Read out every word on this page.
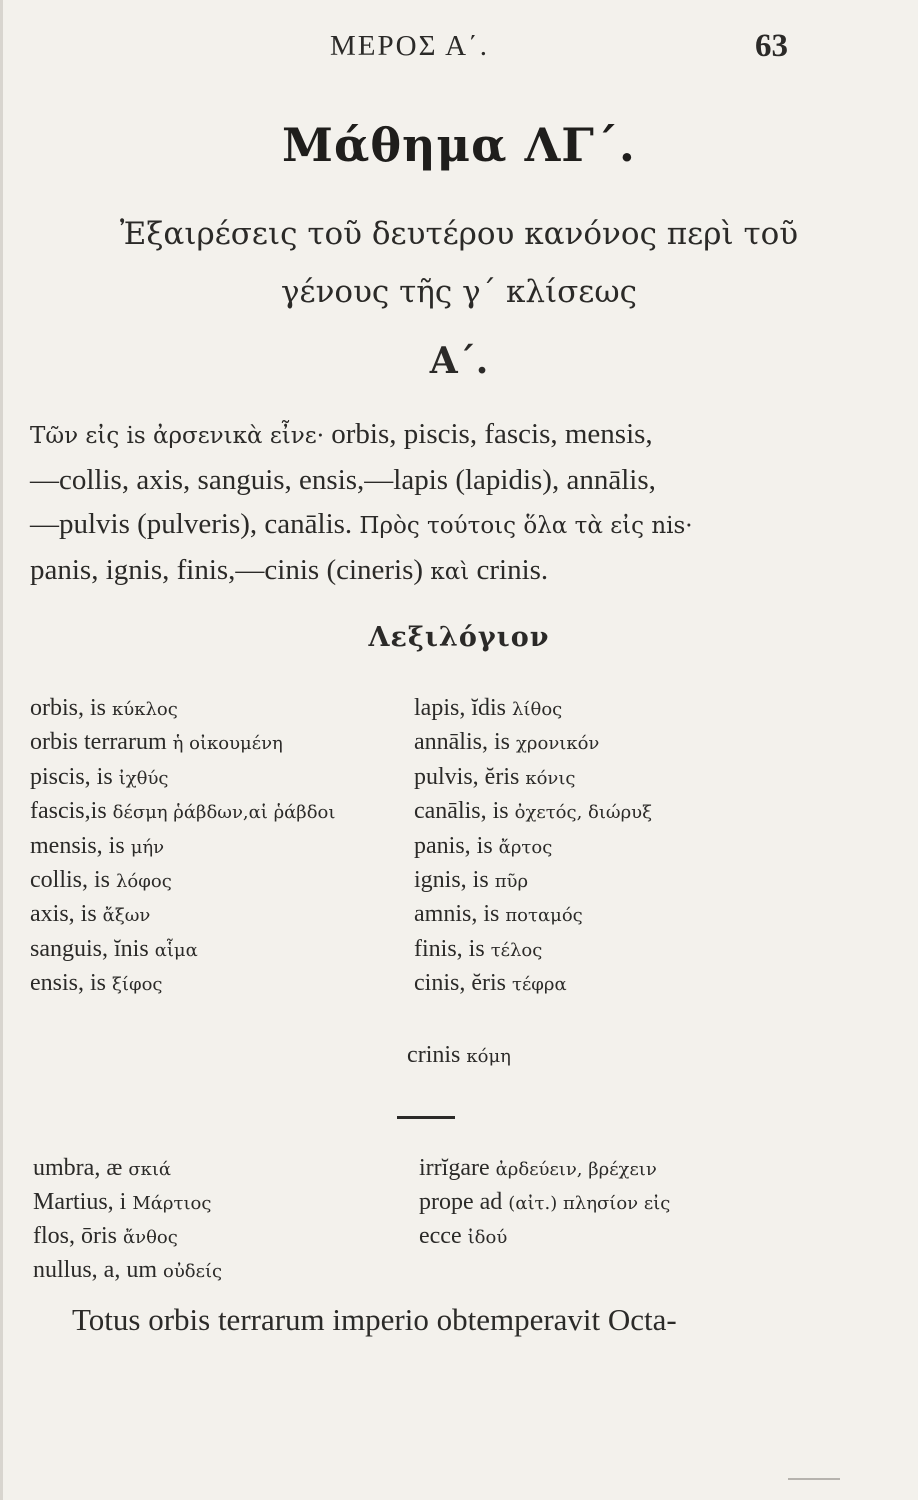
ΜΕΡΟΣ Α΄.	63
Μάθημα ΛΓ΄.
Ἐξαιρέσεις τοῦ δευτέρου κανόνος περὶ τοῦ
γένους τῆς γ΄ κλίσεως
Α΄.
Τῶν εἰς is ἀρσενικὰ εἶνε· orbis, piscis, fascis, mensis,
—collis, axis, sanguis, ensis,—lapis (lapidis), annālis,
—pulvis (pulveris), canālis. Πρὸς τούτοις ὅλα τὰ εἰς nis·
panis, ignis, finis,—cinis (cineris) καὶ crinis.
Λεξιλόγιον
orbis, is κύκλος
orbis terrarum ἡ οἰκουμένη
piscis, is ἰχθύς
fascis,is δέσμη ῥάβδων,αἱ ῥάβδοι
mensis, is μήν
collis, is λόφος
axis, is ἄξων
sanguis, ĭnis αἷμα
ensis, is ξίφος
lapis, ĭdis λίθος
annālis, is χρονικόν
pulvis, ĕris κόνις
canālis, is ὀχετός, διώρυξ
panis, is ἄρτος
ignis, is πῦρ
amnis, is ποταμός
finis, is τέλος
cinis, ĕris τέφρα
crinis κόμη
umbra, æ σκιά
Martius, i Μάρτιος
flos, ōris ἄνθος
nullus, a, um οὐδείς
irrĭgare ἀρδεύειν, βρέχειν
prope ad (αἰτ.) πλησίον εἰς
ecce ἰδού
Totus orbis terrarum imperio obtemperavit Octa-
